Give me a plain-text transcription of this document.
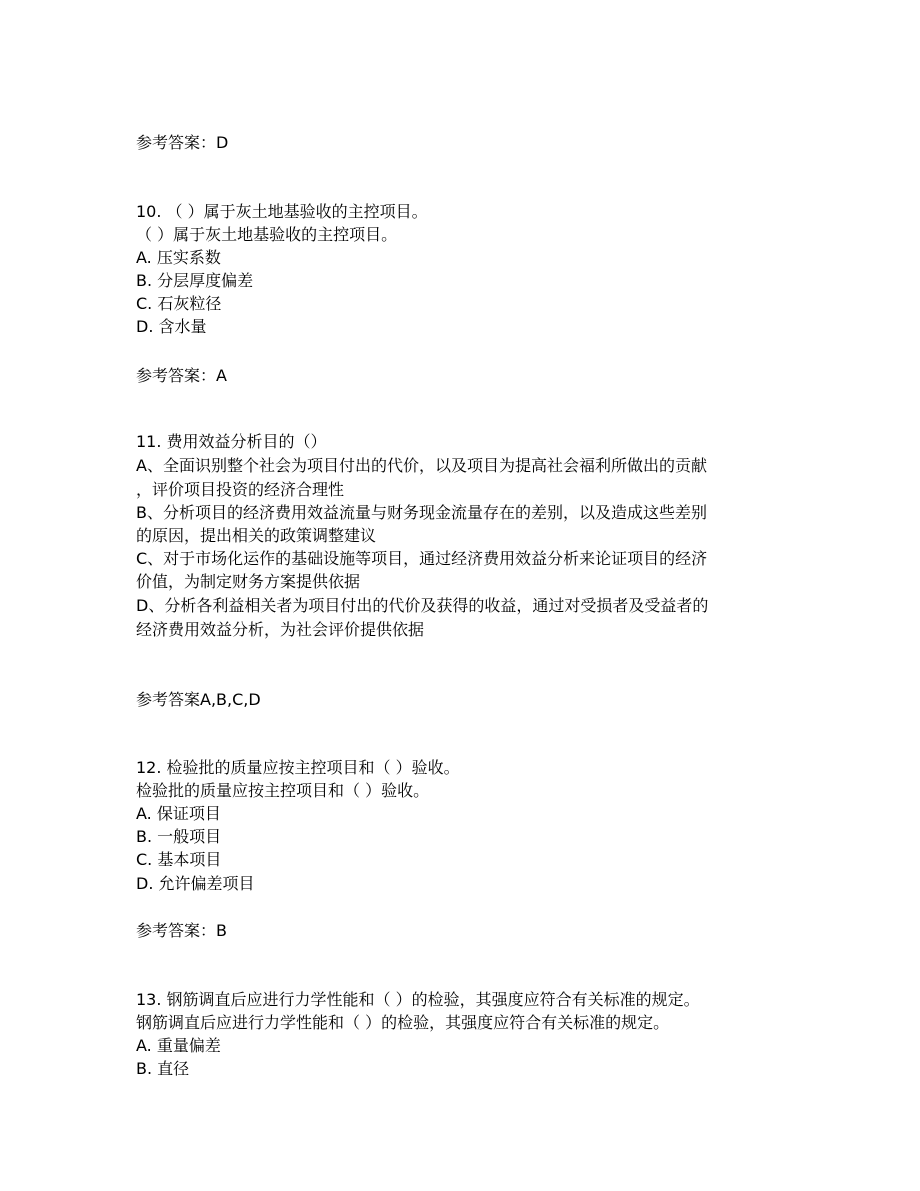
参考答案：D
10. （ ）属于灰土地基验收的主控项目。
（ ）属于灰土地基验收的主控项目。
A. 压实系数
B. 分层厚度偏差
C. 石灰粒径
D. 含水量
参考答案：A
11. 费用效益分析目的（）
A、全面识别整个社会为项目付出的代价，以及项目为提高社会福利所做出的贡献
，评价项目投资的经济合理性
B、分析项目的经济费用效益流量与财务现金流量存在的差别，以及造成这些差别
的原因，提出相关的政策调整建议
C、对于市场化运作的基础设施等项目，通过经济费用效益分析来论证项目的经济
价值，为制定财务方案提供依据
D、分析各利益相关者为项目付出的代价及获得的收益，通过对受损者及受益者的
经济费用效益分析，为社会评价提供依据
参考答案A,B,C,D
12. 检验批的质量应按主控项目和（ ）验收。
检验批的质量应按主控项目和（ ）验收。
A. 保证项目
B. 一般项目
C. 基本项目
D. 允许偏差项目
参考答案：B
13. 钢筋调直后应进行力学性能和（ ）的检验，其强度应符合有关标准的规定。
钢筋调直后应进行力学性能和（ ）的检验，其强度应符合有关标准的规定。
A. 重量偏差
B. 直径
